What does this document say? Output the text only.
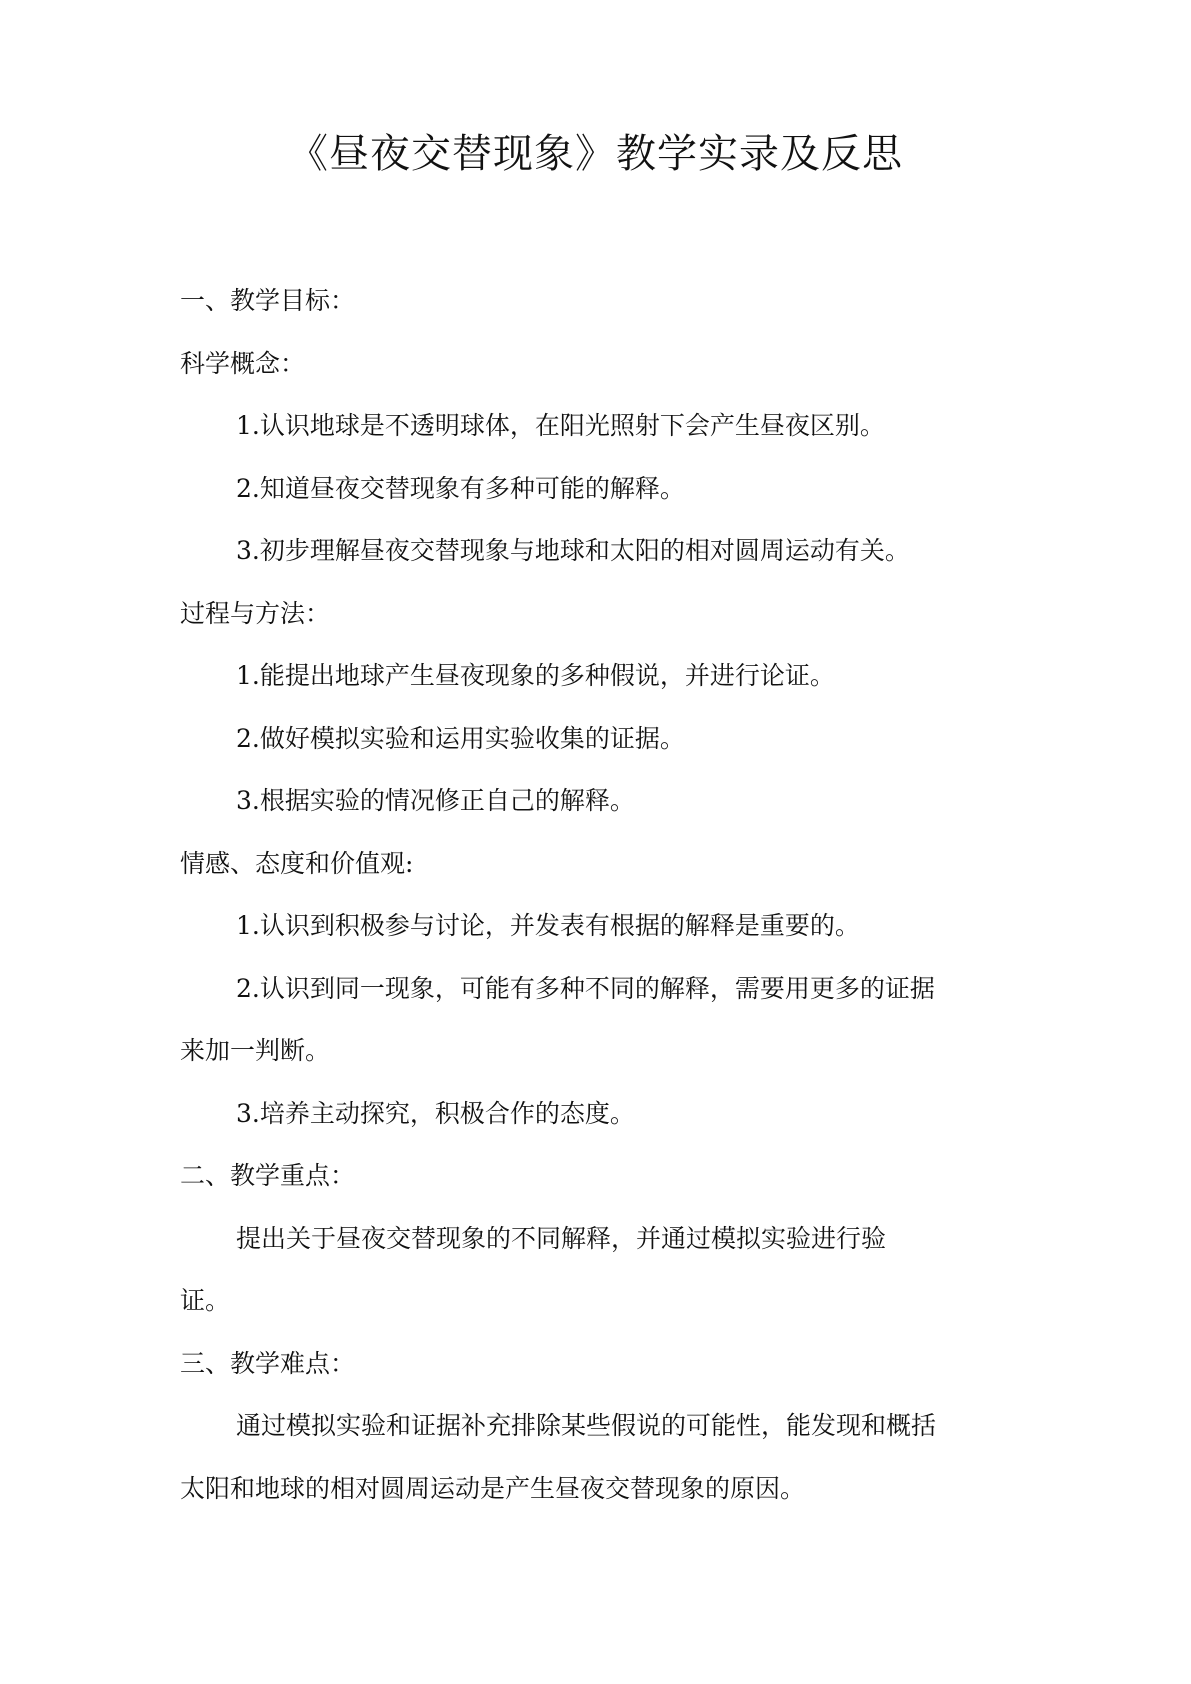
《昼夜交替现象》教学实录及反思
一、教学目标：
科学概念：
1.认识地球是不透明球体，在阳光照射下会产生昼夜区别。
2.知道昼夜交替现象有多种可能的解释。
3.初步理解昼夜交替现象与地球和太阳的相对圆周运动有关。
过程与方法：
1.能提出地球产生昼夜现象的多种假说，并进行论证。
2.做好模拟实验和运用实验收集的证据。
3.根据实验的情况修正自己的解释。
情感、态度和价值观:
1.认识到积极参与讨论，并发表有根据的解释是重要的。
2.认识到同一现象，可能有多种不同的解释，需要用更多的证据
来加一判断。
3.培养主动探究，积极合作的态度。
二、教学重点：
提出关于昼夜交替现象的不同解释，并通过模拟实验进行验
证。
三、教学难点：
通过模拟实验和证据补充排除某些假说的可能性，能发现和概括
太阳和地球的相对圆周运动是产生昼夜交替现象的原因。
